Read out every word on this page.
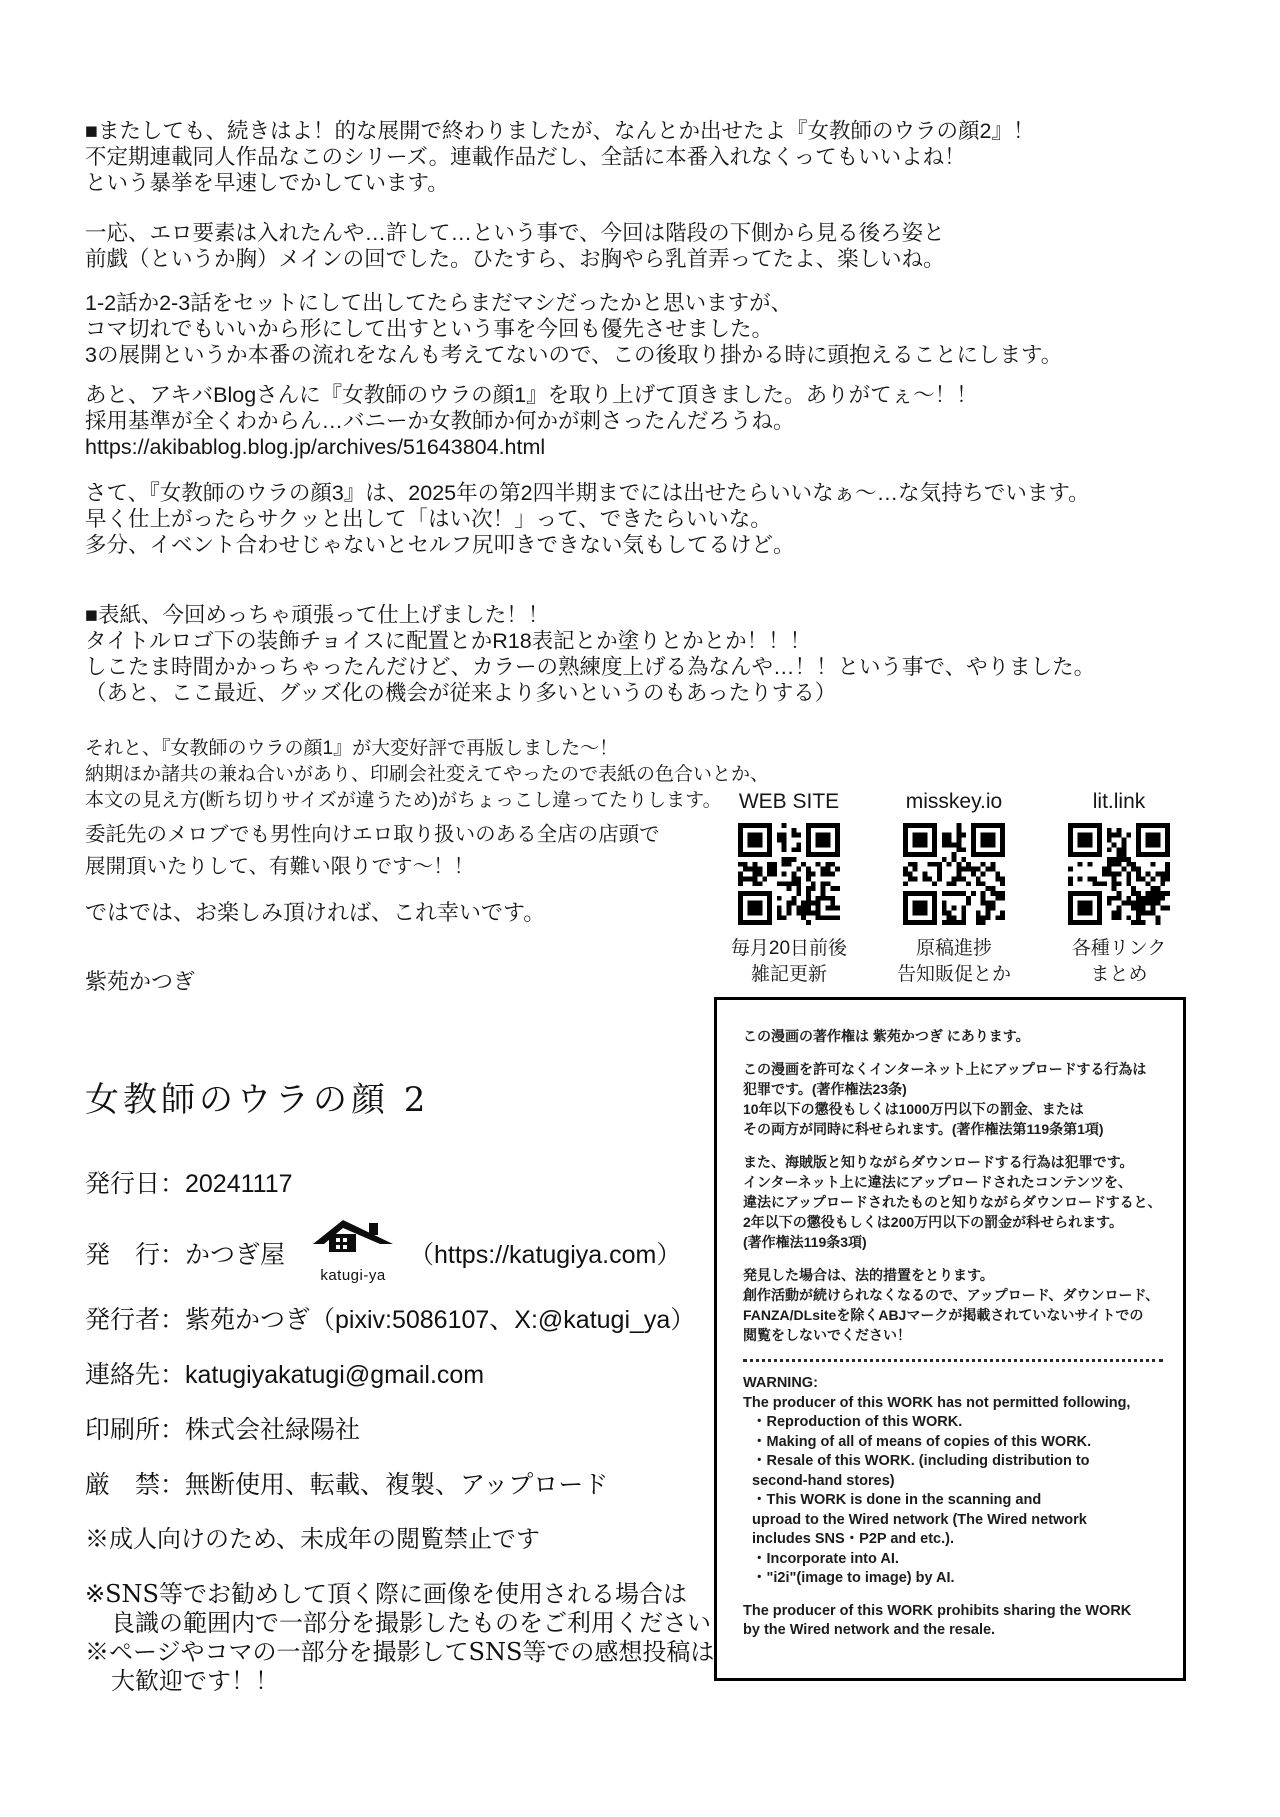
■またしても、続きはよ！的な展開で終わりましたが、なんとか出せたよ『女教師のウラの顔2』！
不定期連載同人作品なこのシリーズ。連載作品だし、全話に本番入れなくってもいいよね！
という暴挙を早速しでかしています。
一応、エロ要素は入れたんや…許して…という事で、今回は階段の下側から見る後ろ姿と
前戯（というか胸）メインの回でした。ひたすら、お胸やら乳首弄ってたよ、楽しいね。
1-2話か2-3話をセットにして出してたらまだマシだったかと思いますが、
コマ切れでもいいから形にして出すという事を今回も優先させました。
3の展開というか本番の流れをなんも考えてないので、この後取り掛かる時に頭抱えることにします。
あと、アキバBlogさんに『女教師のウラの顔1』を取り上げて頂きました。ありがてぇ～！！
採用基準が全くわからん…バニーか女教師か何かが刺さったんだろうね。
https://akibablog.blog.jp/archives/51643804.html
さて、『女教師のウラの顔3』は、2025年の第2四半期までには出せたらいいなぁ～…な気持ちでいます。
早く仕上がったらサクッと出して「はい次！」って、できたらいいな。
多分、イベント合わせじゃないとセルフ尻叩きできない気もしてるけど。
■表紙、今回めっちゃ頑張って仕上げました！！
タイトルロゴ下の装飾チョイスに配置とかR18表記とか塗りとかとか！！！
しこたま時間かかっちゃったんだけど、カラーの熟練度上げる為なんや…！！という事で、やりました。
（あと、ここ最近、グッズ化の機会が従来より多いというのもあったりする）
それと、『女教師のウラの顔1』が大変好評で再版しました～！
納期ほか諸共の兼ね合いがあり、印刷会社変えてやったので表紙の色合いとか、
本文の見え方(断ち切りサイズが違うため)がちょっこし違ってたりします。
委託先のメロブでも男性向けエロ取り扱いのある全店の店頭で
展開頂いたりして、有難い限りです～！！
ではでは、お楽しみ頂ければ、これ幸いです。
紫苑かつぎ
WEB SITE
毎月20日前後
雑記更新
misskey.io
原稿進捗
告知販促とか
lit.link
各種リンク
まとめ
この漫画の著作権は 紫苑かつぎ にあります。
この漫画を許可なくインターネット上にアップロードする行為は
犯罪です。(著作権法23条)
10年以下の懲役もしくは1000万円以下の罰金、または
その両方が同時に科せられます。(著作権法第119条第1項)
また、海賊版と知りながらダウンロードする行為は犯罪です。
インターネット上に違法にアップロードされたコンテンツを、
違法にアップロードされたものと知りながらダウンロードすると、
2年以下の懲役もしくは200万円以下の罰金が科せられます。
(著作権法119条3項)
発見した場合は、法的措置をとります。
創作活動が続けられなくなるので、アップロード、ダウンロード、
FANZA/DLsiteを除くABJマークが掲載されていないサイトでの
閲覧をしないでください！
WARNING:
The producer of this WORK has not permitted following,
・Reproduction of this WORK.
・Making of all of means of copies of this WORK.
・Resale of this WORK. (including distribution to
second-hand stores)
・This WORK is done in the scanning and
uproad to the Wired network (The Wired network
includes SNS・P2P and etc.).
・Incorporate into AI.
・"i2i"(image to image) by AI.
The producer of this WORK prohibits sharing the WORK
by the Wired network and the resale.
女教師のウラの顔 2
発行日：20241117
発　行：かつぎ屋
katugi-ya
（https://katugiya.com）
発行者：紫苑かつぎ（pixiv:5086107、X:@katugi_ya）
連絡先：katugiyakatugi@gmail.com
印刷所：株式会社緑陽社
厳　禁：無断使用、転載、複製、アップロード
※成人向けのため、未成年の閲覧禁止です
※SNS等でお勧めして頂く際に画像を使用される場合は
良識の範囲内で一部分を撮影したものをご利用ください
※ページやコマの一部分を撮影してSNS等での感想投稿は
大歓迎です！！
